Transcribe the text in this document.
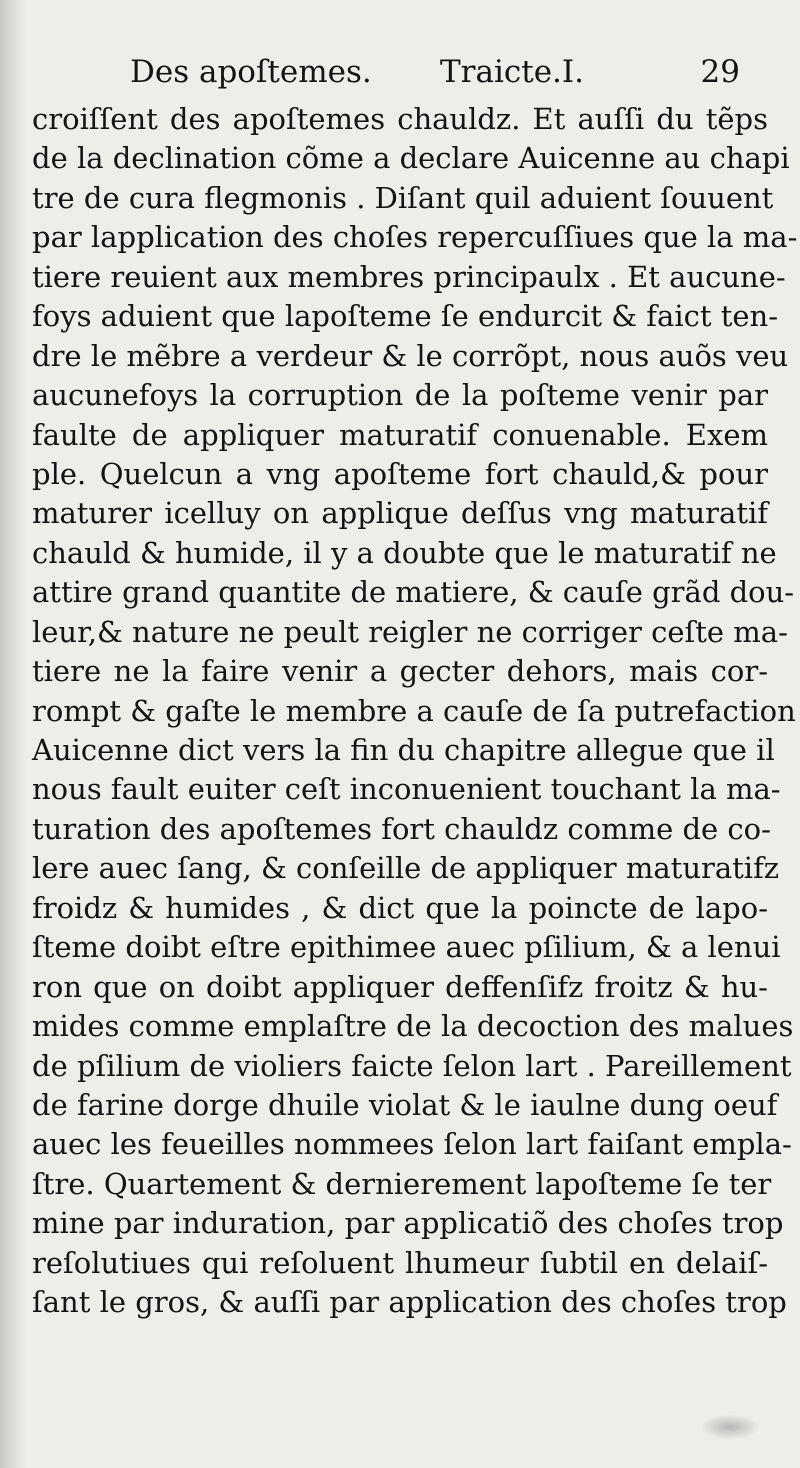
Des apoſtemes. Traicte.I.	29
croiſſent des apoſtemes chauldz. Et auſſi du tẽps
de la declination cõme a declare Auicenne au chapi
tre de cura flegmonis . Diſant quil aduient ſouuent
par lapplication des choſes repercuſſiues que la ma-
tiere reuient aux membres principaulx . Et aucune-
foys aduient que lapoſteme ſe endurcit & faict ten-
dre le mẽbre a verdeur & le corrõpt, nous auõs veu
aucunefoys la corruption de la poſteme venir par
faulte de appliquer maturatif conuenable. Exem
ple. Quelcun a vng apoſteme fort chauld,& pour
maturer icelluy on applique deſſus vng maturatif
chauld & humide, il y a doubte que le maturatif ne
attire grand quantite de matiere, & cauſe grãd dou-
leur,& nature ne peult reigler ne corriger ceſte ma-
tiere ne la faire venir a gecter dehors, mais cor-
rompt & gaſte le membre a cauſe de ſa putrefaction
Auicenne dict vers la fin du chapitre allegue que il
nous fault euiter ceſt inconuenient touchant la ma-
turation des apoſtemes fort chauldz comme de co-
lere auec ſang, & conſeille de appliquer maturatifz
froidz & humides , & dict que la poincte de lapo-
ſteme doibt eſtre epithimee auec pſilium, & a lenui
ron que on doibt appliquer deffenſifz froitz & hu-
mides comme emplaſtre de la decoction des malues
de pſilium de violiers faicte ſelon lart . Pareillement
de farine dorge dhuile violat & le iaulne dung oeuf
auec les feueilles nommees ſelon lart faiſant empla-
ſtre. Quartement & dernierement lapoſteme ſe ter
mine par induration, par applicatiõ des choſes trop
reſolutiues qui reſoluent lhumeur ſubtil en delaiſ-
ſant le gros, & auſſi par application des choſes trop
